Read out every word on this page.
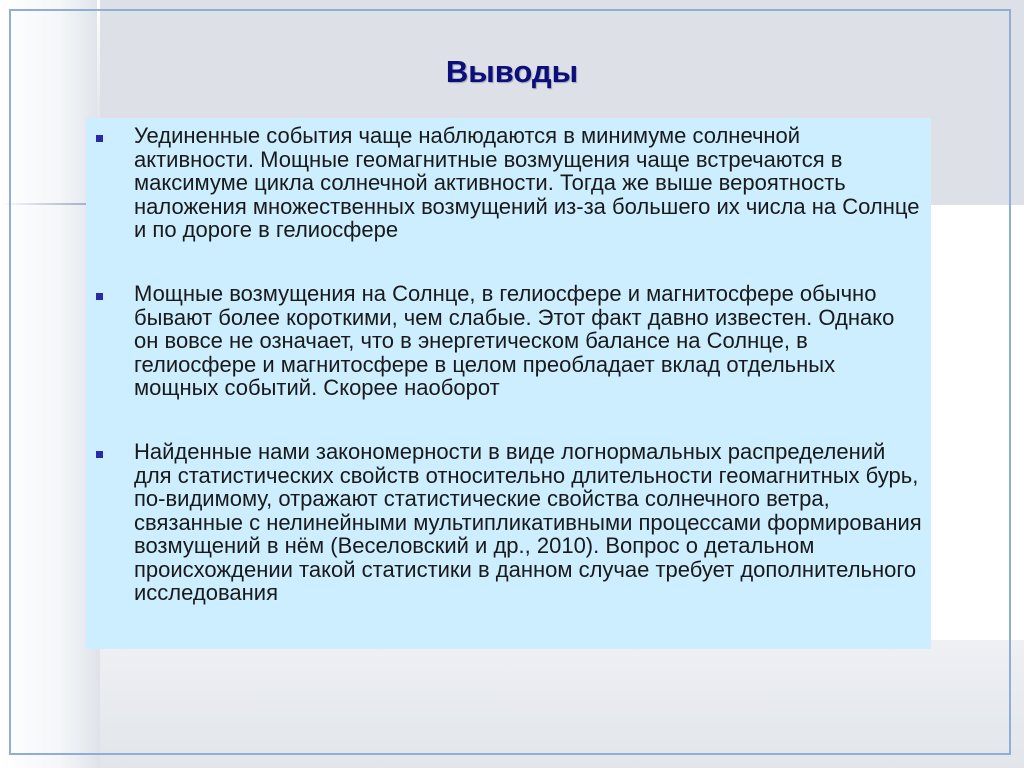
Выводы
Уединенные события чаще наблюдаются в минимуме солнечной активности. Мощные геомагнитные возмущения чаще встречаются в максимуме цикла солнечной активности. Тогда же выше вероятность наложения множественных возмущений из-за большего их числа на Солнце и по дороге в гелиосфере
Мощные возмущения на Солнце, в гелиосфере и магнитосфере обычно бывают более короткими, чем слабые. Этот факт давно известен. Однако он вовсе не означает, что в энергетическом балансе на Солнце, в гелиосфере и магнитосфере в целом преобладает вклад отдельных мощных событий. Скорее наоборот
Найденные нами закономерности в виде логнормальных распределений для статистических свойств относительно длительности геомагнитных бурь, по-видимому, отражают статистические свойства солнечного ветра, связанные с нелинейными мультипликативными процессами формирования возмущений в нём (Веселовский и др., 2010). Вопрос о детальном происхождении такой статистики в данном случае требует дополнительного исследования
